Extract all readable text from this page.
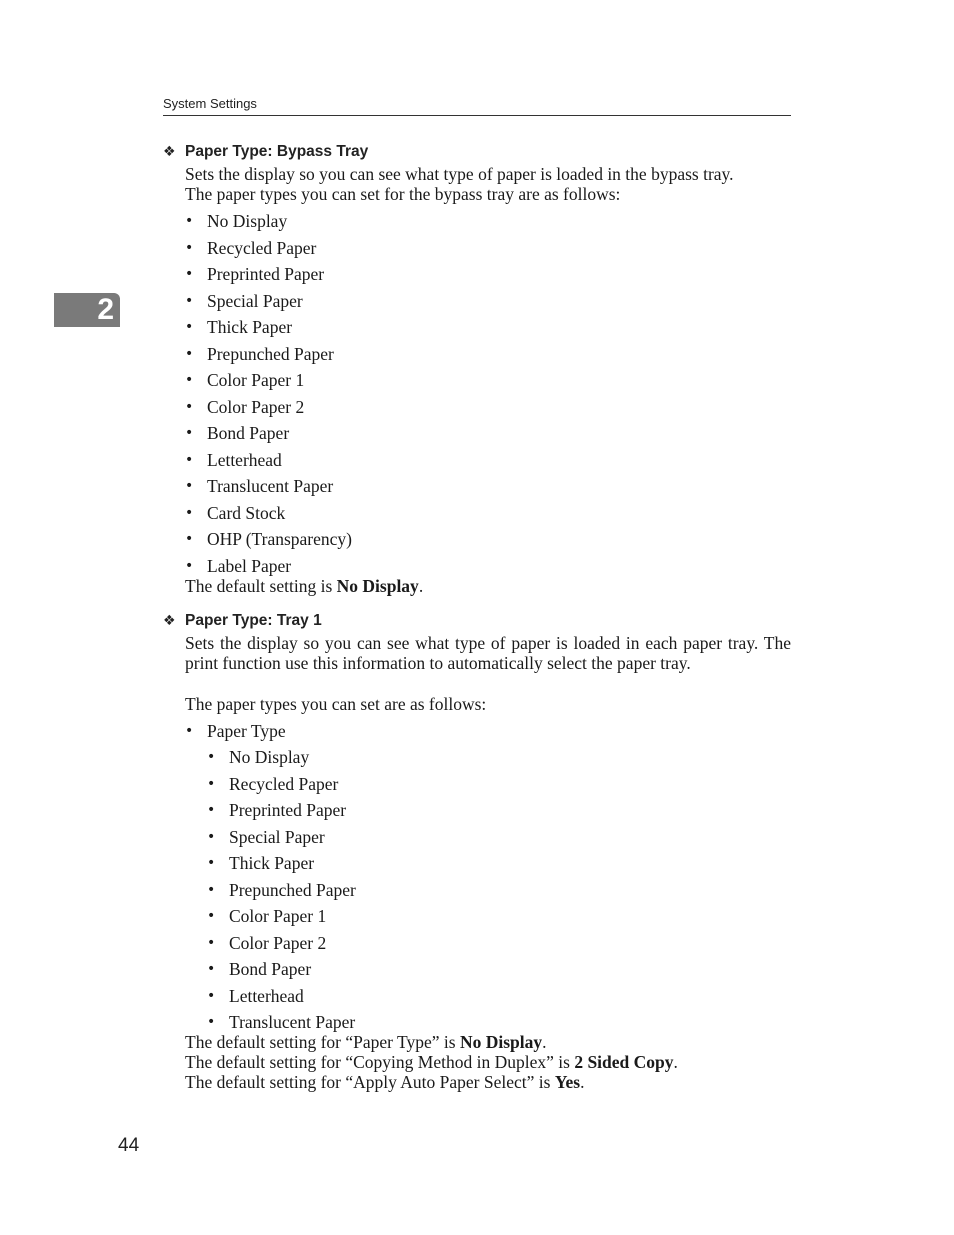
System Settings
2
❖ Paper Type: Bypass Tray
Sets the display so you can see what type of paper is loaded in the bypass tray.
The paper types you can set for the bypass tray are as follows:
• No Display
• Recycled Paper
• Preprinted Paper
• Special Paper
• Thick Paper
• Prepunched Paper
• Color Paper 1
• Color Paper 2
• Bond Paper
• Letterhead
• Translucent Paper
• Card Stock
• OHP (Transparency)
• Label Paper
The default setting is No Display.
❖ Paper Type: Tray 1
Sets the display so you can see what type of paper is loaded in each paper tray. The print function use this information to automatically select the paper tray.
The paper types you can set are as follows:
• Paper Type
• No Display
• Recycled Paper
• Preprinted Paper
• Special Paper
• Thick Paper
• Prepunched Paper
• Color Paper 1
• Color Paper 2
• Bond Paper
• Letterhead
• Translucent Paper
The default setting for “Paper Type” is No Display.
The default setting for “Copying Method in Duplex” is 2 Sided Copy.
The default setting for “Apply Auto Paper Select” is Yes.
44
